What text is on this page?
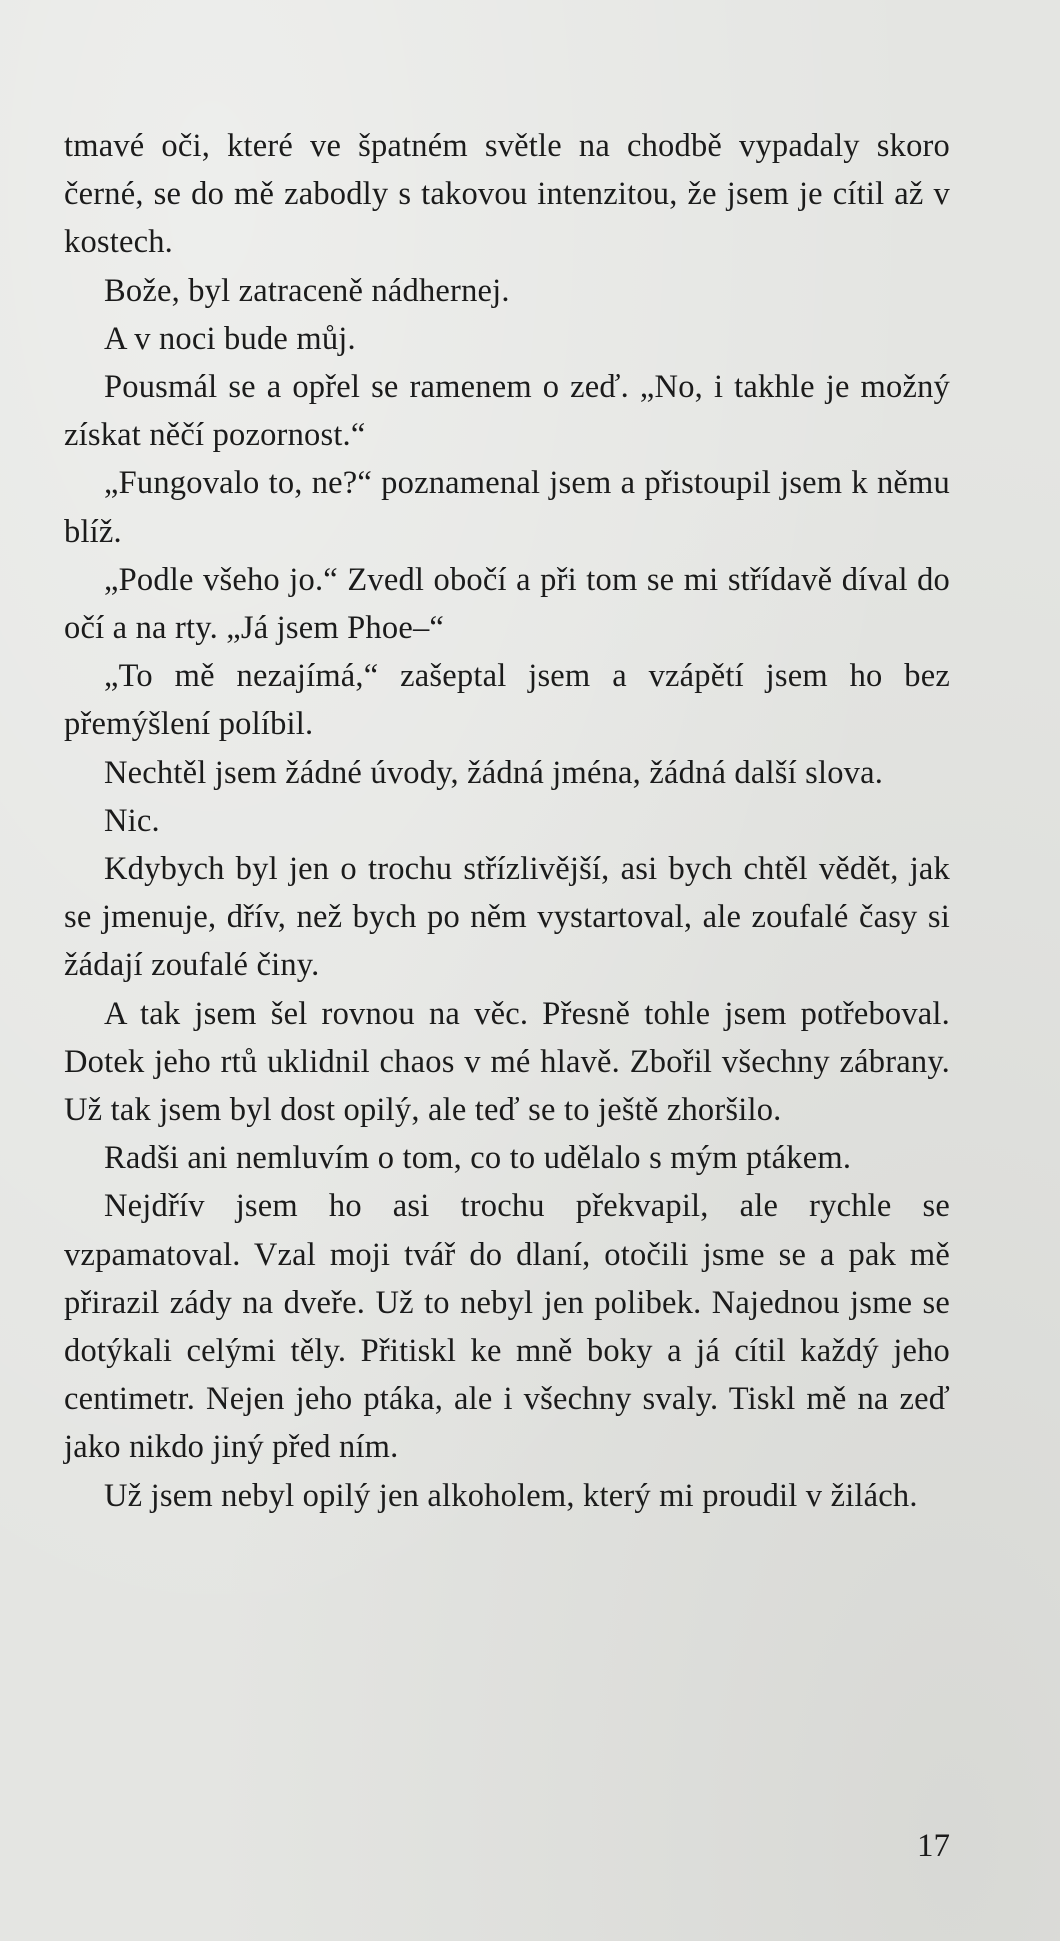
tmavé oči, které ve špatném světle na chodbě vypadaly skoro černé, se do mě zabodly s takovou intenzitou, že jsem je cítil až v kostech.

Bože, byl zatraceně nádhernej.

A v noci bude můj.

Pousmál se a opřel se ramenem o zeď. „No, i takhle je možný získat něčí pozornost.“

„Fungovalo to, ne?“ poznamenal jsem a přistoupil jsem k němu blíž.

„Podle všeho jo.“ Zvedl obočí a při tom se mi střídavě díval do očí a na rty. „Já jsem Phoe–“

„To mě nezajímá,“ zašeptal jsem a vzápětí jsem ho bez přemýšlení políbil.

Nechtěl jsem žádné úvody, žádná jména, žádná další slova.

Nic.

Kdybych byl jen o trochu střízlivější, asi bych chtěl vědět, jak se jmenuje, dřív, než bych po něm vystartoval, ale zoufalé časy si žádají zoufalé činy.

A tak jsem šel rovnou na věc. Přesně tohle jsem potřeboval. Dotek jeho rtů uklidnil chaos v mé hlavě. Zbořil všechny zábrany. Už tak jsem byl dost opilý, ale teď se to ještě zhoršilo.

Radši ani nemluvím o tom, co to udělalo s mým ptákem.

Nejdřív jsem ho asi trochu překvapil, ale rychle se vzpamatoval. Vzal moji tvář do dlaní, otočili jsme se a pak mě přirazil zády na dveře. Už to nebyl jen polibek. Najednou jsme se dotýkali celými těly. Přitiskl ke mně boky a já cítil každý jeho centimetr. Nejen jeho ptáka, ale i všechny svaly. Tiskl mě na zeď jako nikdo jiný před ním.

Už jsem nebyl opilý jen alkoholem, který mi proudil v žilách.

17
